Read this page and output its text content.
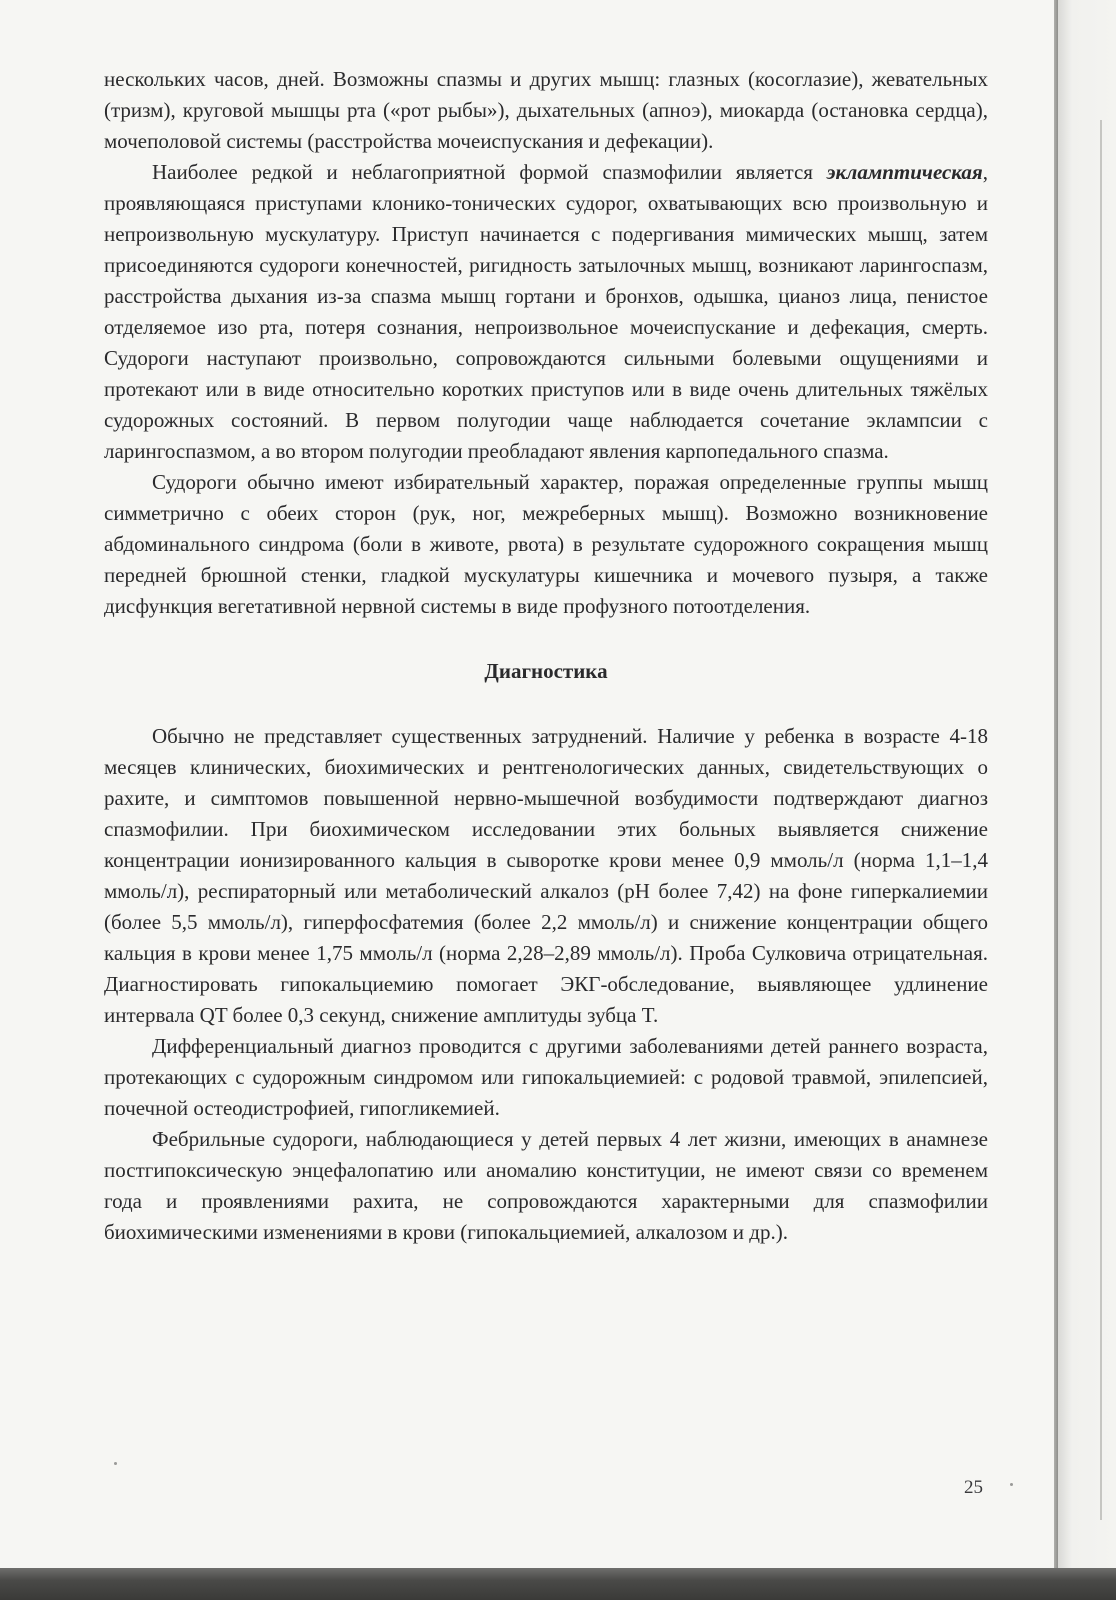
нескольких часов, дней. Возможны спазмы и других мышц: глазных (косоглазие), жевательных (тризм), круговой мышцы рта («рот рыбы»), дыхательных (апноэ), миокарда (остановка сердца), мочеполовой системы (расстройства мочеиспускания и дефекации).

Наиболее редкой и неблагоприятной формой спазмофилии является экламптическая, проявляющаяся приступами клонико-тонических судорог, охватывающих всю произвольную и непроизвольную мускулатуру. Приступ начинается с подергивания мимических мышц, затем присоединяются судороги конечностей, ригидность затылочных мышц, возникают ларингоспазм, расстройства дыхания из-за спазма мышц гортани и бронхов, одышка, цианоз лица, пенистое отделяемое изо рта, потеря сознания, непроизвольное мочеиспускание и дефекация, смерть. Судороги наступают произвольно, сопровождаются сильными болевыми ощущениями и протекают или в виде относительно коротких приступов или в виде очень длительных тяжёлых судорожных состояний. В первом полугодии чаще наблюдается сочетание эклампсии с ларингоспазмом, а во втором полугодии преобладают явления карпопедального спазма.

Судороги обычно имеют избирательный характер, поражая определенные группы мышц симметрично с обеих сторон (рук, ног, межреберных мышц). Возможно возникновение абдоминального синдрома (боли в животе, рвота) в результате судорожного сокращения мышц передней брюшной стенки, гладкой мускулатуры кишечника и мочевого пузыря, а также дисфункция вегетативной нервной системы в виде профузного потоотделения.

Диагностика

Обычно не представляет существенных затруднений. Наличие у ребенка в возрасте 4-18 месяцев клинических, биохимических и рентгенологических данных, свидетельствующих о рахите, и симптомов повышенной нервно-мышечной возбудимости подтверждают диагноз спазмофилии. При биохимическом исследовании этих больных выявляется снижение концентрации ионизированного кальция в сыворотке крови менее 0,9 ммоль/л (норма 1,1–1,4 ммоль/л), респираторный или метаболический алкалоз (pH более 7,42) на фоне гиперкалиемии (более 5,5 ммоль/л), гиперфосфатемия (более 2,2 ммоль/л) и снижение концентрации общего кальция в крови менее 1,75 ммоль/л (норма 2,28–2,89 ммоль/л). Проба Сулковича отрицательная. Диагностировать гипокальциемию помогает ЭКГ-обследование, выявляющее удлинение интервала QT более 0,3 секунд, снижение амплитуды зубца T.

Дифференциальный диагноз проводится с другими заболеваниями детей раннего возраста, протекающих с судорожным синдромом или гипокальциемией: с родовой травмой, эпилепсией, почечной остеодистрофией, гипогликемией.

Фебрильные судороги, наблюдающиеся у детей первых 4 лет жизни, имеющих в анамнезе постгипоксическую энцефалопатию или аномалию конституции, не имеют связи со временем года и проявлениями рахита, не сопровождаются характерными для спазмофилии биохимическими изменениями в крови (гипокальциемией, алкалозом и др.).

25
